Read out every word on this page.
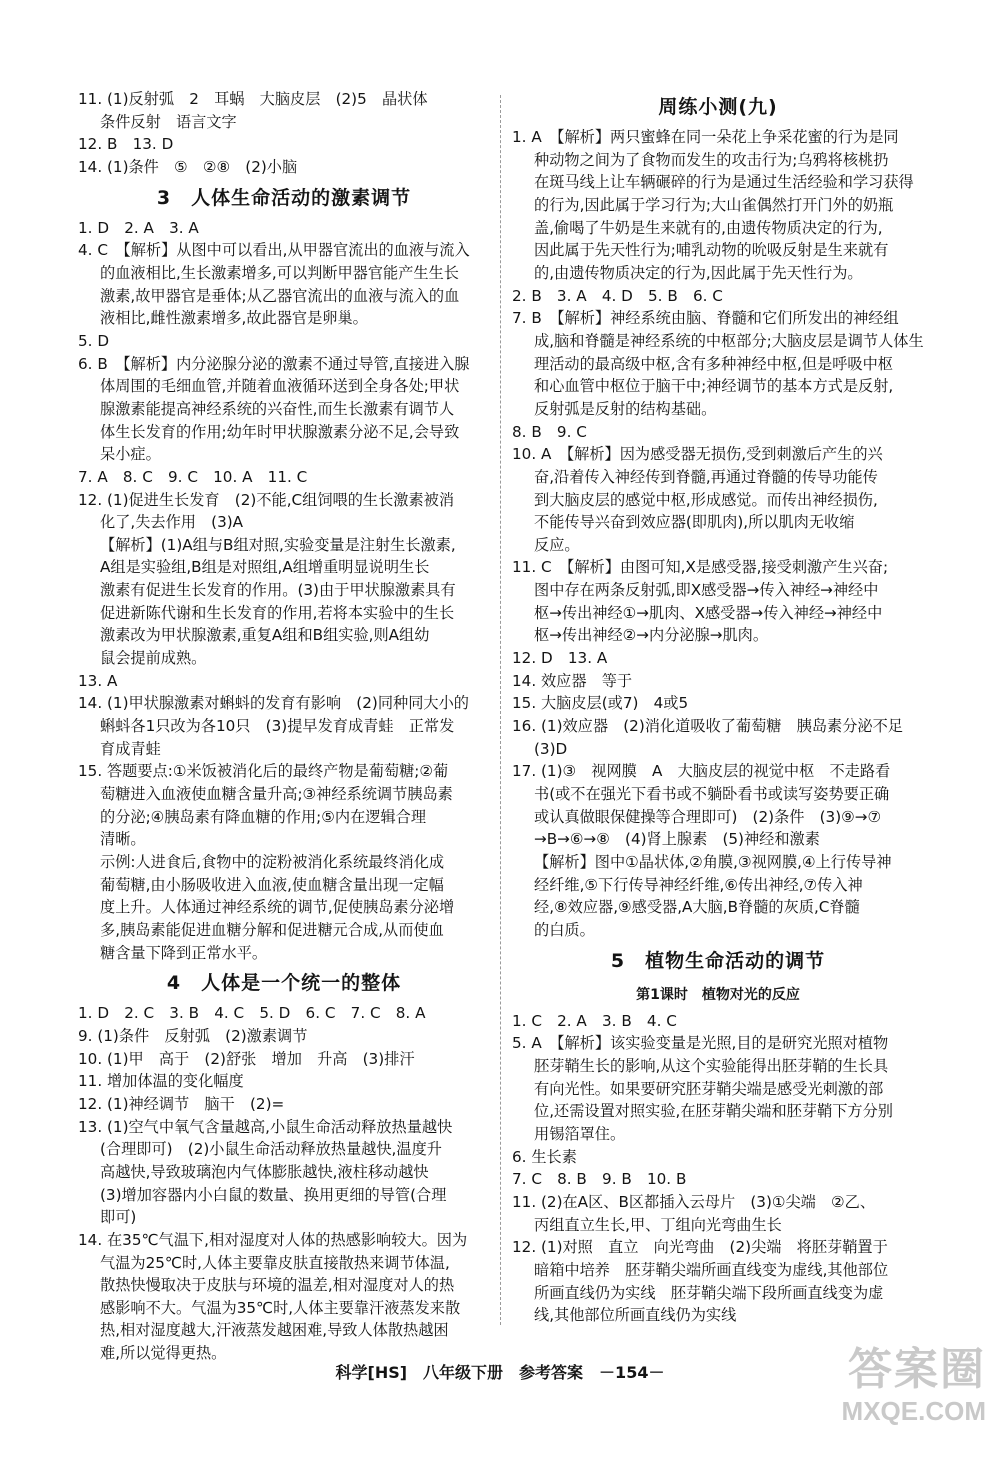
11. (1)反射弧　2　耳蜗　大脑皮层　(2)5　晶状体
条件反射　语言文字
12. B　13. D
14. (1)条件　⑤　②⑧　(2)小脑
3　人体生命活动的激素调节
1. D　2. A　3. A
4. C　【解析】从图中可以看出,从甲器官流出的血液与流入
的血液相比,生长激素增多,可以判断甲器官能产生生长
激素,故甲器官是垂体;从乙器官流出的血液与流入的血
液相比,雌性激素增多,故此器官是卵巢。
5. D
6. B　【解析】内分泌腺分泌的激素不通过导管,直接进入腺
体周围的毛细血管,并随着血液循环送到全身各处;甲状
腺激素能提高神经系统的兴奋性,而生长激素有调节人
体生长发育的作用;幼年时甲状腺激素分泌不足,会导致
呆小症。
7. A　8. C　9. C　10. A　11. C
12. (1)促进生长发育　(2)不能,C组饲喂的生长激素被消
化了,失去作用　(3)A
【解析】(1)A组与B组对照,实验变量是注射生长激素,
A组是实验组,B组是对照组,A组增重明显说明生长
激素有促进生长发育的作用。(3)由于甲状腺激素具有
促进新陈代谢和生长发育的作用,若将本实验中的生长
激素改为甲状腺激素,重复A组和B组实验,则A组幼
鼠会提前成熟。
13. A
14. (1)甲状腺激素对蝌蚪的发育有影响　(2)同种同大小的
蝌蚪各1只改为各10只　(3)提早发育成青蛙　正常发
育成青蛙
15. 答题要点:①米饭被消化后的最终产物是葡萄糖;②葡
萄糖进入血液使血糖含量升高;③神经系统调节胰岛素
的分泌;④胰岛素有降血糖的作用;⑤内在逻辑合理
清晰。
示例:人进食后,食物中的淀粉被消化系统最终消化成
葡萄糖,由小肠吸收进入血液,使血糖含量出现一定幅
度上升。人体通过神经系统的调节,促使胰岛素分泌增
多,胰岛素能促进血糖分解和促进糖元合成,从而使血
糖含量下降到正常水平。
4　人体是一个统一的整体
1. D　2. C　3. B　4. C　5. D　6. C　7. C　8. A
9. (1)条件　反射弧　(2)激素调节
10. (1)甲　高于　(2)舒张　增加　升高　(3)排汗
11. 增加体温的变化幅度
12. (1)神经调节　脑干　(2)=
13. (1)空气中氧气含量越高,小鼠生命活动释放热量越快
(合理即可)　(2)小鼠生命活动释放热量越快,温度升
高越快,导致玻璃泡内气体膨胀越快,液柱移动越快
(3)增加容器内小白鼠的数量、换用更细的导管(合理
即可)
14. 在35℃气温下,相对湿度对人体的热感影响较大。因为
气温为25℃时,人体主要靠皮肤直接散热来调节体温,
散热快慢取决于皮肤与环境的温差,相对湿度对人的热
感影响不大。气温为35℃时,人体主要靠汗液蒸发来散
热,相对湿度越大,汗液蒸发越困难,导致人体散热越困
难,所以觉得更热。
周练小测(九)
1. A　【解析】两只蜜蜂在同一朵花上争采花蜜的行为是同
种动物之间为了食物而发生的攻击行为;乌鸦将核桃扔
在斑马线上让车辆碾碎的行为是通过生活经验和学习获得
的行为,因此属于学习行为;大山雀偶然打开门外的奶瓶
盖,偷喝了牛奶是生来就有的,由遗传物质决定的行为,
因此属于先天性行为;哺乳动物的吮吸反射是生来就有
的,由遗传物质决定的行为,因此属于先天性行为。
2. B　3. A　4. D　5. B　6. C
7. B　【解析】神经系统由脑、脊髓和它们所发出的神经组
成,脑和脊髓是神经系统的中枢部分;大脑皮层是调节人体生
理活动的最高级中枢,含有多种神经中枢,但是呼吸中枢
和心血管中枢位于脑干中;神经调节的基本方式是反射,
反射弧是反射的结构基础。
8. B　9. C
10. A　【解析】因为感受器无损伤,受到刺激后产生的兴
奋,沿着传入神经传到脊髓,再通过脊髓的传导功能传
到大脑皮层的感觉中枢,形成感觉。而传出神经损伤,
不能传导兴奋到效应器(即肌肉),所以肌肉无收缩
反应。
11. C　【解析】由图可知,X是感受器,接受刺激产生兴奋;
图中存在两条反射弧,即X感受器→传入神经→神经中
枢→传出神经①→肌肉、X感受器→传入神经→神经中
枢→传出神经②→内分泌腺→肌肉。
12. D　13. A
14. 效应器　等于
15. 大脑皮层(或7)　4或5
16. (1)效应器　(2)消化道吸收了葡萄糖　胰岛素分泌不足
(3)D
17. (1)③　视网膜　A　大脑皮层的视觉中枢　不走路看
书(或不在强光下看书或不躺卧看书或读写姿势要正确
或认真做眼保健操等合理即可)　(2)条件　(3)⑨→⑦
→B→⑥→⑧　(4)肾上腺素　(5)神经和激素
【解析】图中①晶状体,②角膜,③视网膜,④上行传导神
经纤维,⑤下行传导神经纤维,⑥传出神经,⑦传入神
经,⑧效应器,⑨感受器,A大脑,B脊髓的灰质,C脊髓
的白质。
5　植物生命活动的调节
第1课时　植物对光的反应
1. C　2. A　3. B　4. C
5. A　【解析】该实验变量是光照,目的是研究光照对植物
胚芽鞘生长的影响,从这个实验能得出胚芽鞘的生长具
有向光性。如果要研究胚芽鞘尖端是感受光刺激的部
位,还需设置对照实验,在胚芽鞘尖端和胚芽鞘下方分别
用锡箔罩住。
6. 生长素
7. C　8. B　9. B　10. B
11. (2)在A区、B区都插入云母片　(3)①尖端　②乙、
丙组直立生长,甲、丁组向光弯曲生长
12. (1)对照　直立　向光弯曲　(2)尖端　将胚芽鞘置于
暗箱中培养　胚芽鞘尖端所画直线变为虚线,其他部位
所画直线仍为实线　胚芽鞘尖端下段所画直线变为虚
线,其他部位所画直线仍为实线
科学[HS]　八年级下册　参考答案　－154－	答案圈
MXQE.COM
